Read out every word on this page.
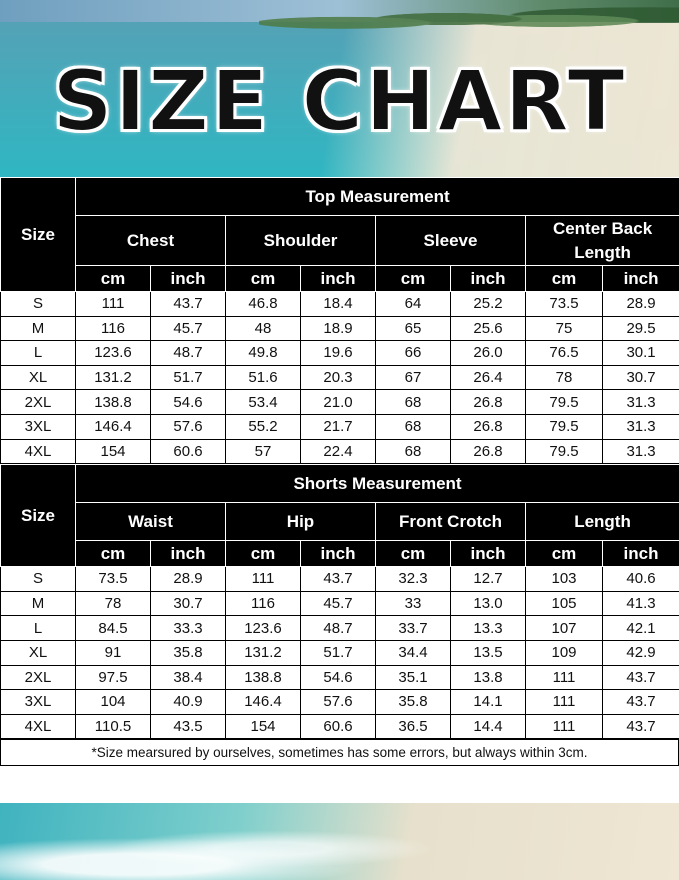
SIZE CHART
Size	Top Measurement							
	Chest		Shoulder		Sleeve		Center Back Length	
	cm	inch	cm	inch	cm	inch	cm	inch
S	111	43.7	46.8	18.4	64	25.2	73.5	28.9
M	116	45.7	48	18.9	65	25.6	75	29.5
L	123.6	48.7	49.8	19.6	66	26.0	76.5	30.1
XL	131.2	51.7	51.6	20.3	67	26.4	78	30.7
2XL	138.8	54.6	53.4	21.0	68	26.8	79.5	31.3
3XL	146.4	57.6	55.2	21.7	68	26.8	79.5	31.3
4XL	154	60.6	57	22.4	68	26.8	79.5	31.3
Size	Shorts Measurement							
	Waist		Hip		Front Crotch		Length	
	cm	inch	cm	inch	cm	inch	cm	inch
S	73.5	28.9	111	43.7	32.3	12.7	103	40.6
M	78	30.7	116	45.7	33	13.0	105	41.3
L	84.5	33.3	123.6	48.7	33.7	13.3	107	42.1
XL	91	35.8	131.2	51.7	34.4	13.5	109	42.9
2XL	97.5	38.4	138.8	54.6	35.1	13.8	111	43.7
3XL	104	40.9	146.4	57.6	35.8	14.1	111	43.7
4XL	110.5	43.5	154	60.6	36.5	14.4	111	43.7
*Size mearsured by ourselves, sometimes has some errors, but always within 3cm.
